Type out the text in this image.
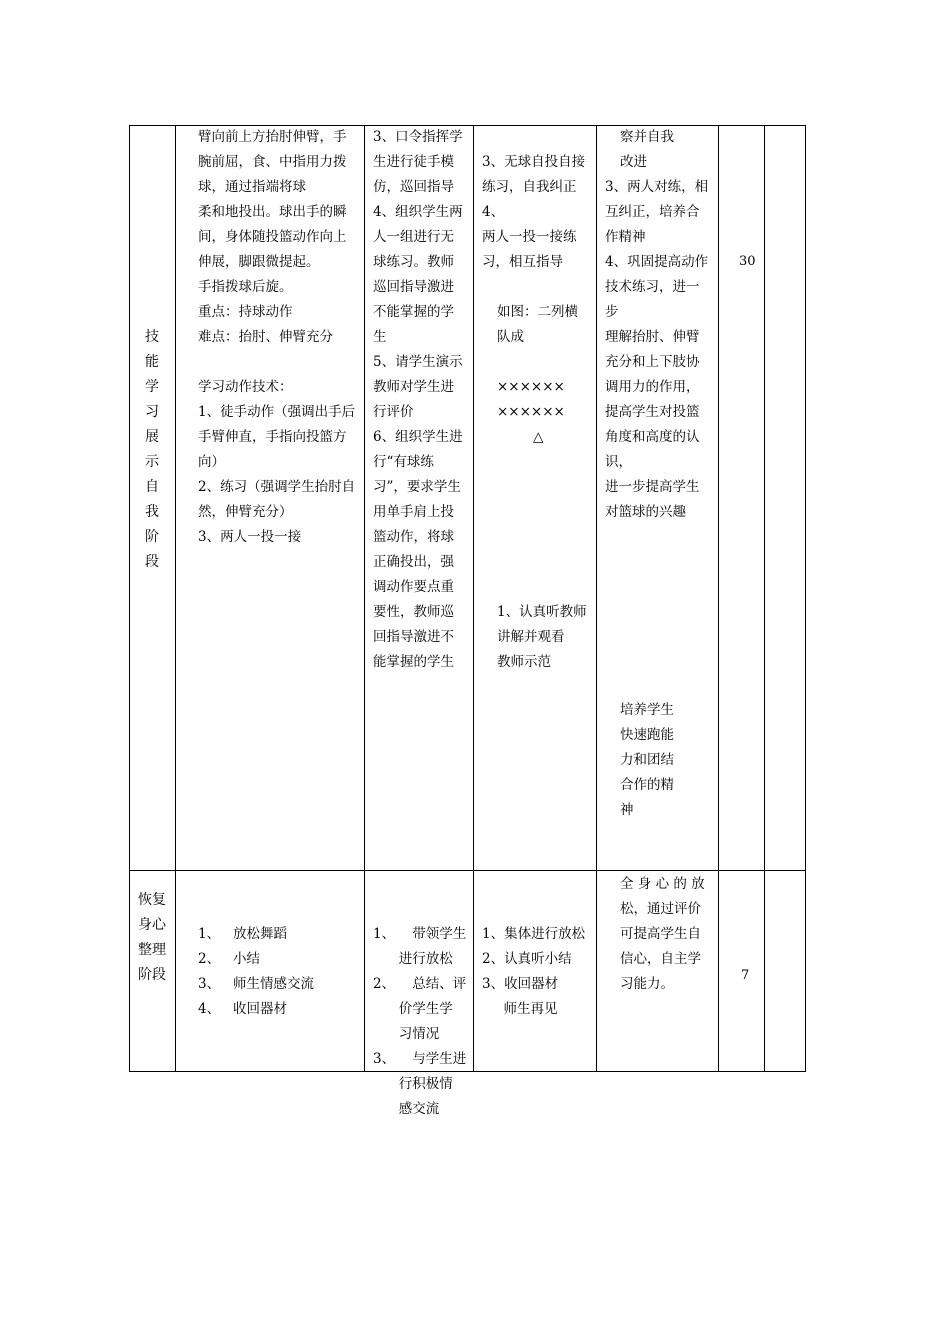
技
能
学
习
展
示
自
我
阶
段
臂向前上方抬肘伸臂，手
腕前屈，食、中指用力拨
球，通过指端将球
柔和地投出。球出手的瞬
间，身体随投篮动作向上
伸展，脚跟微提起。
手指拨球后旋。
重点：持球动作
难点：抬肘、伸臂充分
学习动作技术：
1、徒手动作（强调出手后
手臂伸直，手指向投篮方
向）
2、练习（强调学生抬肘自
然，伸臂充分）
3、两人一投一接
3、口令指挥学
生进行徒手模
仿，巡回指导
4、组织学生两
人一组进行无
球练习。教师
巡回指导激进
不能掌握的学
生
5、请学生演示
教师对学生进
行评价
6、组织学生进
行“有球练
习”，要求学生
用单手肩上投
篮动作，将球
正确投出，强
调动作要点重
要性，教师巡
回指导激进不
能掌握的学生
3、无球自投自接
练习，自我纠正
4、
两人一投一接练
习，相互指导
如图：二列横
队成
××××××
××××××
△
1、认真听教师
讲解并观看
教师示范
察并自我
改进
3、两人对练，相
互纠正，培养合
作精神
4、巩固提高动作
技术练习，进一
步
理解抬肘、伸臂
充分和上下肢协
调用力的作用，
提高学生对投篮
角度和高度的认
识，
进一步提高学生
对篮球的兴趣
培养学生
快速跑能
力和团结
合作的精
神
30
恢复
身心
整理
阶段

1、   放松舞蹈
2、   小结
3、   师生情感交流
4、   收回器材

1、    带领学生
进行放松
2、    总结、评
价学生学
习情况
3、    与学生进
行积极情
感交流

1、集体进行放松
2、认真听小结
3、收回器材
师生再见

全 身 心 的 放
松，通过评价
可提高学生自
信心，自主学
习能力。
7
